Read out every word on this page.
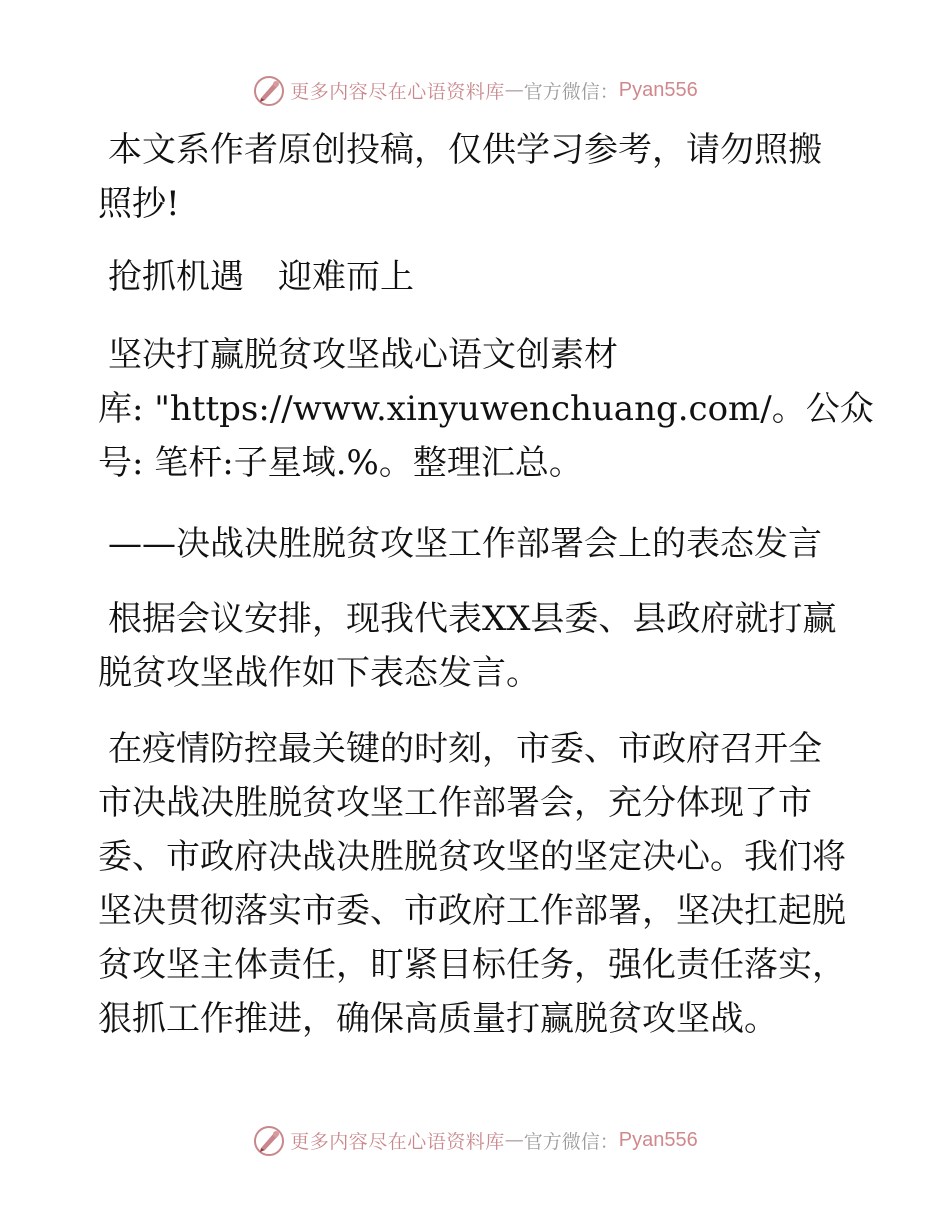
更多内容尽在心语资料库 — 官方微信： Pyan556

本文系作者原创投稿，仅供学习参考，请勿照搬

照抄!

抢抓机遇　迎难而上

坚决打赢脱贫攻坚战心语文创素材

库: "https://www.xinyuwenchuang.com/。公众

号: 笔杆:子星域.%。整理汇总。

——决战决胜脱贫攻坚工作部署会上的表态发言

根据会议安排，现我代表XX县委、县政府就打赢

脱贫攻坚战作如下表态发言。

在疫情防控最关键的时刻，市委、市政府召开全

市决战决胜脱贫攻坚工作部署会，充分体现了市

委、市政府决战决胜脱贫攻坚的坚定决心。我们将

坚决贯彻落实市委、市政府工作部署，坚决扛起脱

贫攻坚主体责任，盯紧目标任务，强化责任落实，

狠抓工作推进，确保高质量打赢脱贫攻坚战。

更多内容尽在心语资料库 — 官方微信： Pyan556
